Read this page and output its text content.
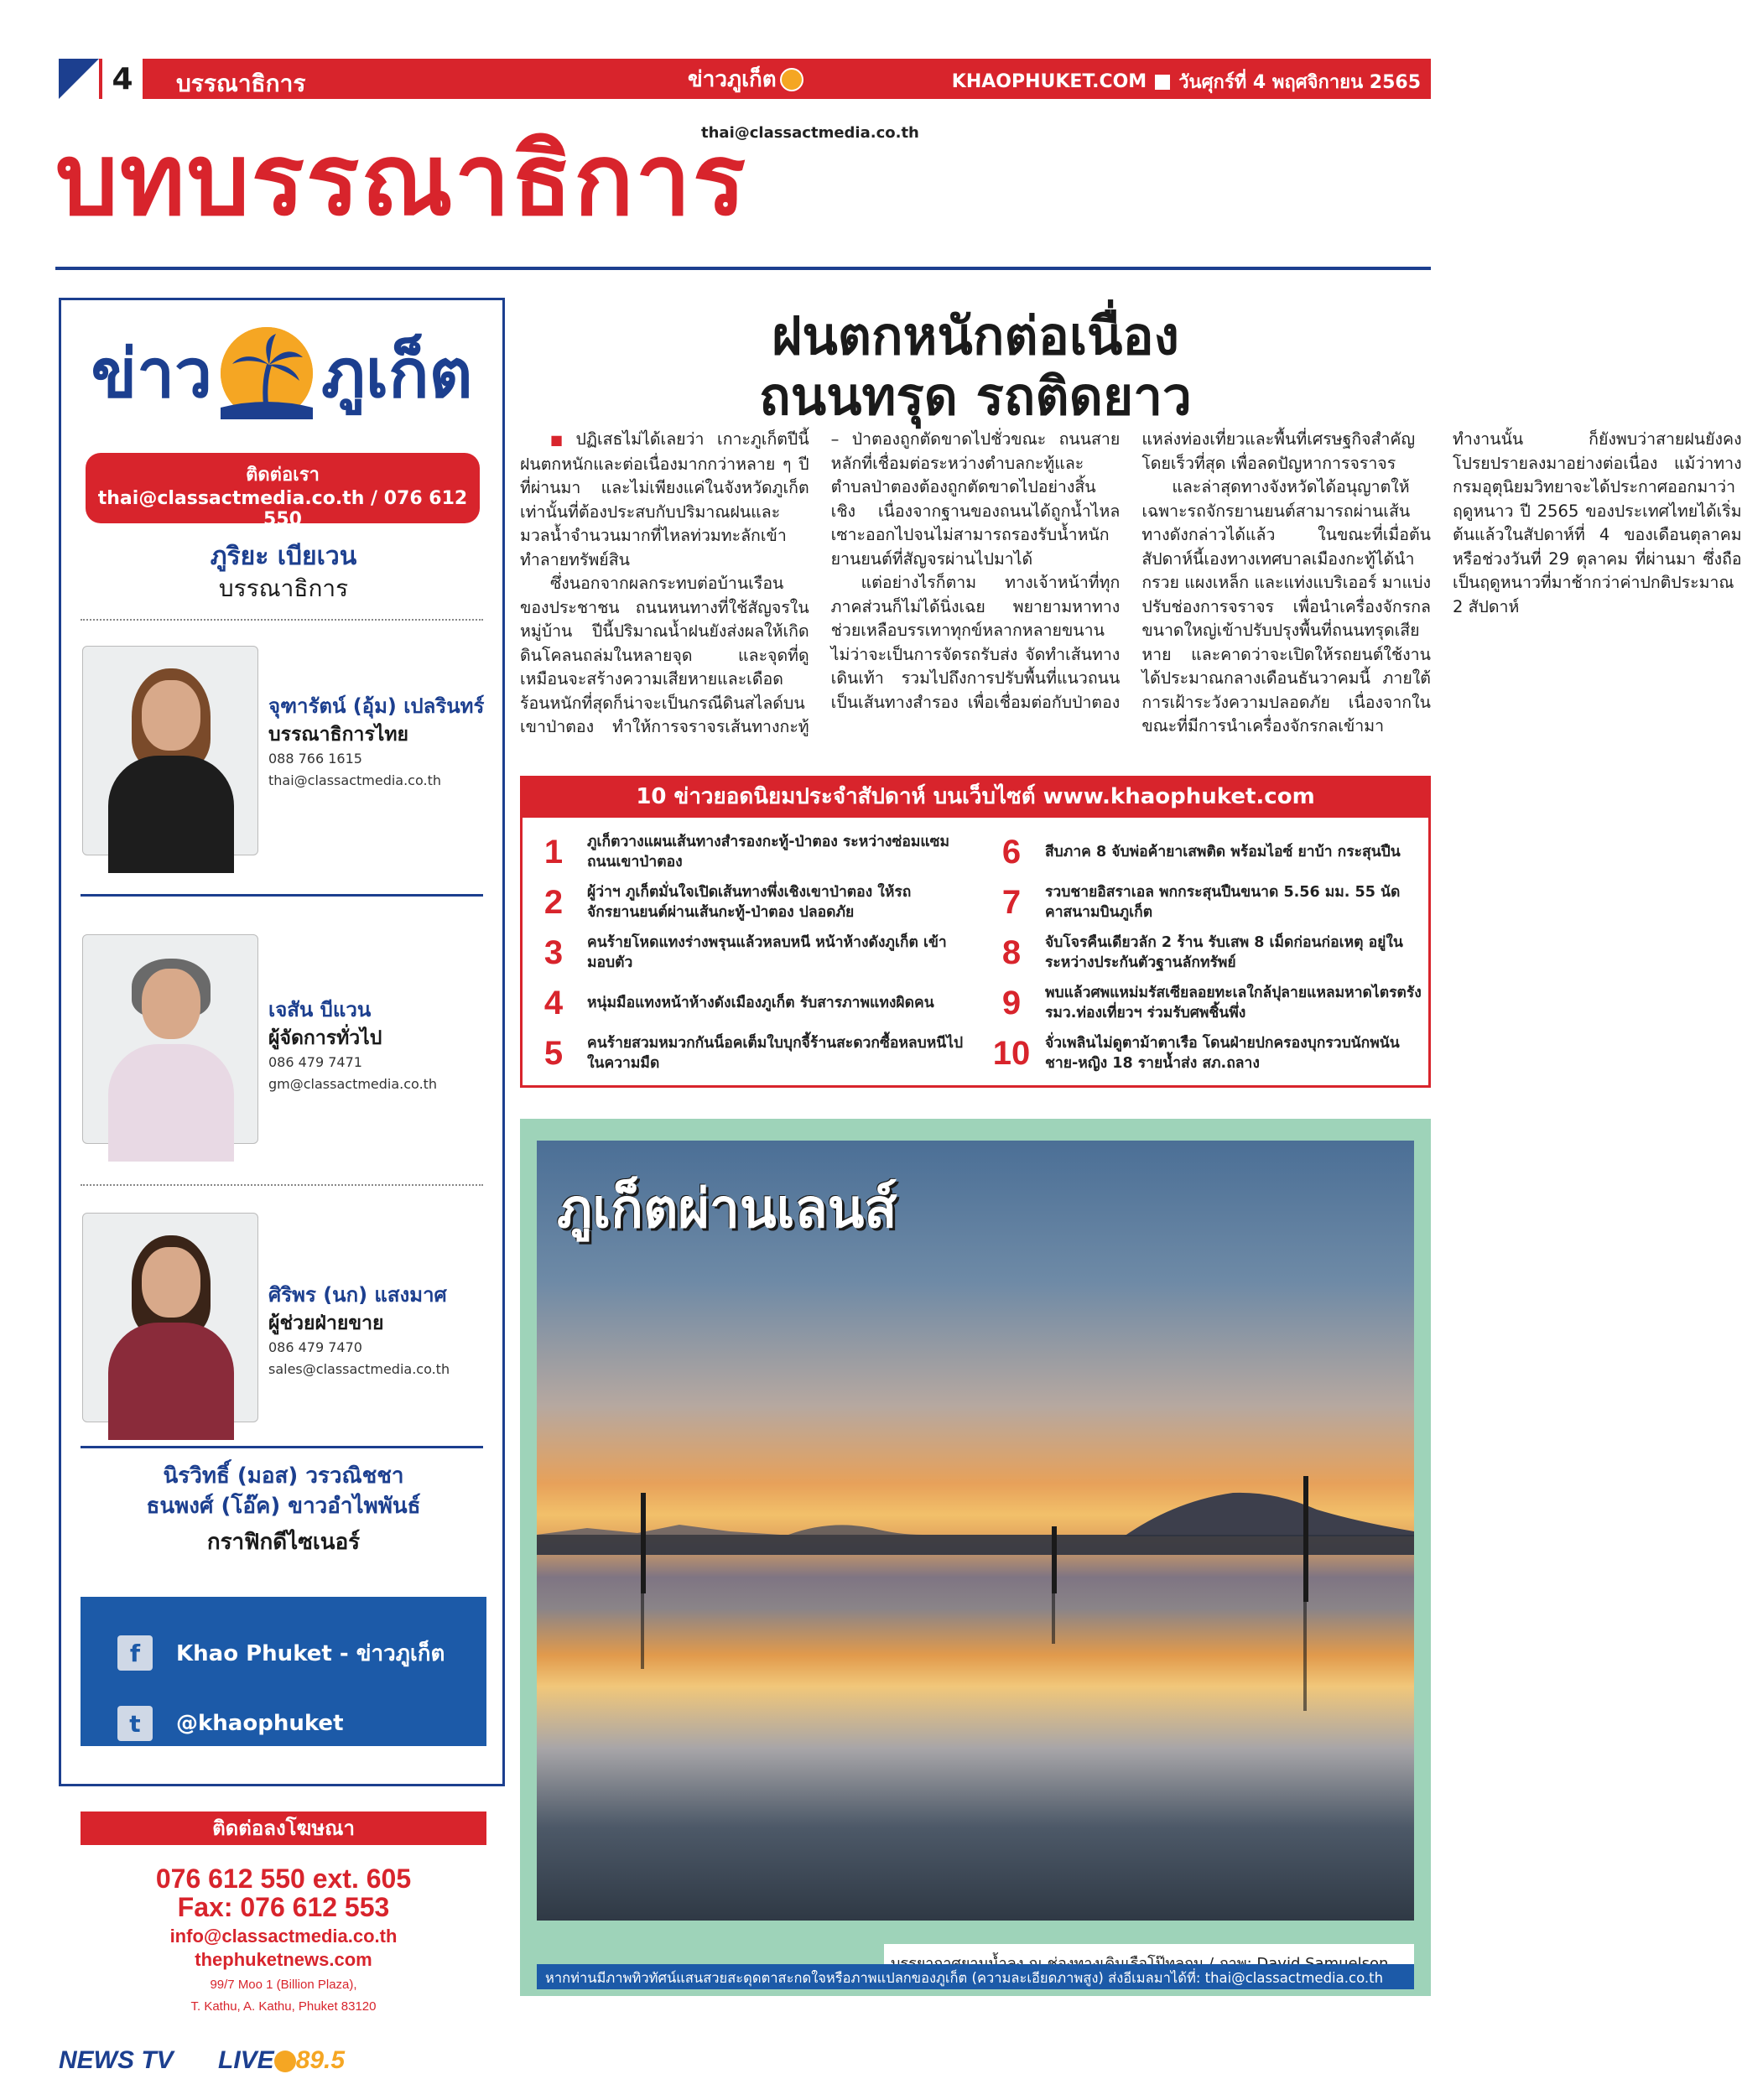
4	บรรณาธิการ	ข่าวภูเก็ต	KHAOPHUKET.COM วันศุกร์ที่ 4 พฤศจิกายน 2565
บทบรรณาธิการ
thai@classactmedia.co.th
ข่าว ภูเก็ต
ติดต่อเรา
thai@classactmedia.co.th / 076 612 550
ภูริยะ เบียเวน
บรรณาธิการ
จุฑารัตน์ (อุ้ม) เปลรินทร์
บรรณาธิการไทย
088 766 1615
thai@classactmedia.co.th
เจสัน บีแวน
ผู้จัดการทั่วไป
086 479 7471
gm@classactmedia.co.th
ศิริพร (นก) แสงมาศ
ผู้ช่วยฝ่ายขาย
086 479 7470
sales@classactmedia.co.th
นิรวิทธิ์ (มอส) วรวณิชชา
ธนพงศ์ (โอ๊ค) ขาวอำไพพันธ์
กราฟิกดีไซเนอร์
f	Khao Phuket - ข่าวภูเก็ต
t	@khaophuket
ติดต่อลงโฆษณา
076 612 550 ext. 605
Fax: 076 612 553
info@classactmedia.co.th
thephuketnews.com
99/7 Moo 1 (Billion Plaza),
T. Kathu, A. Kathu, Phuket 83120
ฝนตกหนักต่อเนื่อง
ถนนทรุด รถติดยาว

■ ปฏิเสธไม่ได้เลยว่า เกาะภูเก็ตปีนี้ฝนตกหนักและต่อเนื่องมากกว่าหลาย ๆ ปีที่ผ่านมา และไม่เพียงแค่ในจังหวัดภูเก็ตเท่านั้นที่ต้องประสบกับปริมาณฝนและมวลน้ำจำนวนมากที่ไหลท่วมทะลักเข้าทำลายทรัพย์สิน

ซึ่งนอกจากผลกระทบต่อบ้านเรือนของประชาชน ถนนหนทางที่ใช้สัญจรในหมู่บ้าน ปีนี้ปริมาณน้ำฝนยังส่งผลให้เกิดดินโคลนถล่มในหลายจุด และจุดที่ดูเหมือนจะสร้างความเสียหายและเดือดร้อนหนักที่สุดก็น่าจะเป็นกรณีดินสไลด์บนเขาป่าตอง ทำให้การจราจรเส้นทางกะทู้ – ป่าตองถูกตัดขาดไปชั่วขณะ ถนนสายหลักที่เชื่อมต่อระหว่างตำบลกะทู้และตำบลป่าตองต้องถูกตัดขาดไปอย่างสิ้นเชิง เนื่องจากฐานของถนนได้ถูกน้ำไหลเซาะออกไปจนไม่สามารถรองรับน้ำหนักยานยนต์ที่สัญจรผ่านไปมาได้

แต่อย่างไรก็ตาม ทางเจ้าหน้าที่ทุกภาคส่วนก็ไม่ได้นิ่งเฉย พยายามหาทางช่วยเหลือบรรเทาทุกข์หลากหลายขนาน ไม่ว่าจะเป็นการจัดรถรับส่ง จัดทำเส้นทางเดินเท้า รวมไปถึงการปรับพื้นที่แนวถนนเป็นเส้นทางสำรอง เพื่อเชื่อมต่อกับป่าตองแหล่งท่องเที่ยวและพื้นที่เศรษฐกิจสำคัญโดยเร็วที่สุด เพื่อลดปัญหาการจราจร

และล่าสุดทางจังหวัดได้อนุญาตให้เฉพาะรถจักรยานยนต์สามารถผ่านเส้นทางดังกล่าวได้แล้ว ในขณะที่เมื่อต้นสัปดาห์นี้เองทางเทศบาลเมืองกะทู้ได้นำกรวย แผงเหล็ก และแท่งแบริเออร์ มาแบ่งปรับช่องการจราจร เพื่อนำเครื่องจักรกลขนาดใหญ่เข้าปรับปรุงพื้นที่ถนนทรุดเสียหาย และคาดว่าจะเปิดให้รถยนต์ใช้งานได้ประมาณกลางเดือนธันวาคมนี้ ภายใต้การเฝ้าระวังความปลอดภัย เนื่องจากในขณะที่มีการนำเครื่องจักรกลเข้ามาทำงานนั้น ก็ยังพบว่าสายฝนยังคงโปรยปรายลงมาอย่างต่อเนื่อง แม้ว่าทางกรมอุตุนิยมวิทยาจะได้ประกาศออกมาว่า ฤดูหนาว ปี 2565 ของประเทศไทยได้เริ่มต้นแล้วในสัปดาห์ที่ 4 ของเดือนตุลาคม หรือช่วงวันที่ 29 ตุลาคม ที่ผ่านมา ซึ่งถือเป็นฤดูหนาวที่มาช้ากว่าค่าปกติประมาณ 2 สัปดาห์

10 ข่าวยอดนิยมประจำสัปดาห์ บนเว็บไซต์ www.khaophuket.com
1	ภูเก็ตวางแผนเส้นทางสำรองกะทู้-ป่าตอง ระหว่างซ่อมแซมถนนเขาป่าตอง
2	ผู้ว่าฯ ภูเก็ตมั่นใจเปิดเส้นทางพึ่งเชิงเขาป่าตอง ให้รถจักรยานยนต์ผ่านเส้นกะทู้-ป่าตอง ปลอดภัย
3	คนร้ายโหดแทงร่างพรุนแล้วหลบหนี หน้าห้างดังภูเก็ต เข้ามอบตัว
4	หนุ่มมือแทงหน้าห้างดังเมืองภูเก็ต รับสารภาพแทงผิดคน
5	คนร้ายสวมหมวกกันน็อคเต็มใบบุกจี้ร้านสะดวกซื้อหลบหนีไปในความมืด
6	สีบภาค 8 จับพ่อค้ายาเสพติด พร้อมไอซ์ ยาบ้า กระสุนปืน
7	รวบชายอิสราเอล พกกระสุนปืนขนาด 5.56 มม. 55 นัด คาสนามบินภูเก็ต
8	จับโจรคืนเดียวลัก 2 ร้าน รับเสพ 8 เม็ดก่อนก่อเหตุ อยู่ในระหว่างประกันตัวฐานลักทรัพย์
9	พบแล้วศพแหม่มรัสเซียลอยทะเลใกล้ปุลายแหลมหาดไตรตรัง รมว.ท่องเที่ยวฯ ร่วมรับศพชิ้นพึ่ง
10	จั่วเพลินไม่ดูตาม้าตาเรือ โดนฝ่ายปกครองบุกรวบนักพนันชาย-หญิง 18 รายน้ำส่ง สภ.ถลาง
ภูเก็ตผ่านเลนส์
หากท่านมีภาพทิวทัศน์แสนสวยสะดุดตาสะกดใจหรือภาพแปลกของภูเก็ต (ความละเอียดภาพสูง) ส่งอีเมลมาได้ที่: thai@classactmedia.co.th
NEWS TV LIVE 89.5
